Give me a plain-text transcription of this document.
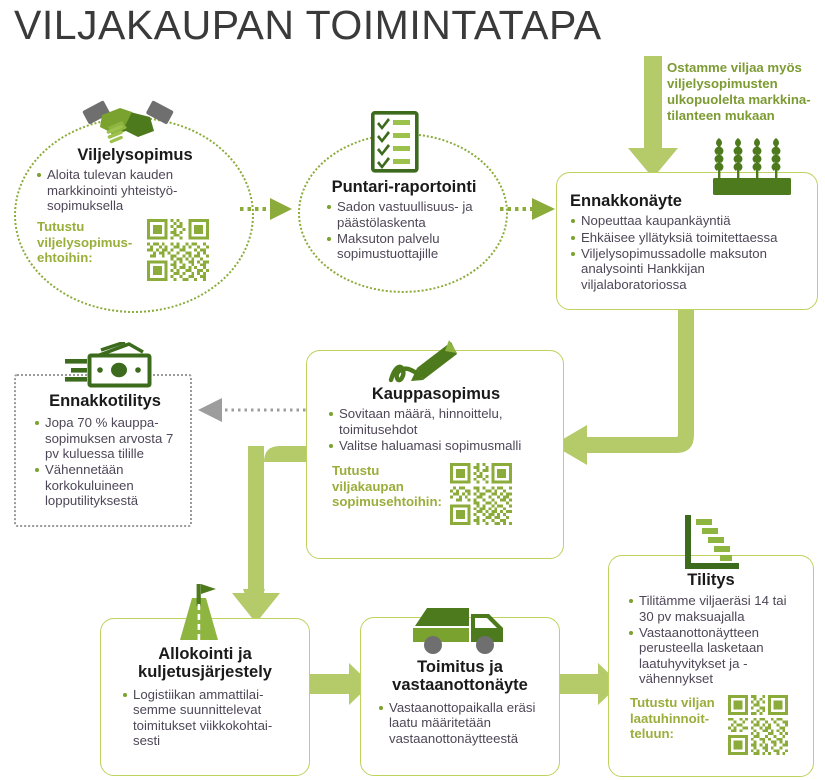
VILJAKAUPAN TOIMINTATAPA
Viljelysopimus
Aloita tulevan kauden markkinointi yhteistyö-sopimuksella
Tutustu viljelysopimus-ehtoihin:
Puntari-raportointi
Sadon vastuullisuus- ja päästölaskenta
Maksuton palvelu sopimustuottajille
Ostamme viljaa myös viljelysopimusten ulkopuolelta markkina-tilanteen mukaan
Ennakkonäyte
Nopeuttaa kaupankäyntiä
Ehkäisee yllätyksiä toimitettaessa
Viljelysopimussadolle maksuton analysointi Hankkijan viljalaboratoriossa
Kauppasopimus
Sovitaan määrä, hinnoittelu, toimitusehdot
Valitse haluamasi sopimusmalli
Tutustu viljakaupan sopimusehtoihin:
Ennakkotilitys
Jopa 70 % kauppa-sopimuksen arvosta 7 pv kuluessa tilille
Vähennetään korkokuluineen lopputilityksestä
Allokointi ja kuljetusjärjestely
Logistiikan ammattilai-semme suunnittelevat toimitukset viikkokohtai-sesti
Toimitus ja vastaanottonäyte
Vastaanottopaikalla eräsi laatu määritetään vastaanottonäytteestä
Tilitys
Tilitämme viljaeräsi 14 tai 30 pv maksuajalla
Vastaanottonäytteen perusteella lasketaan laatuhyvitykset ja -vähennykset
Tutustu viljan laatuhinnoit-teluun:
